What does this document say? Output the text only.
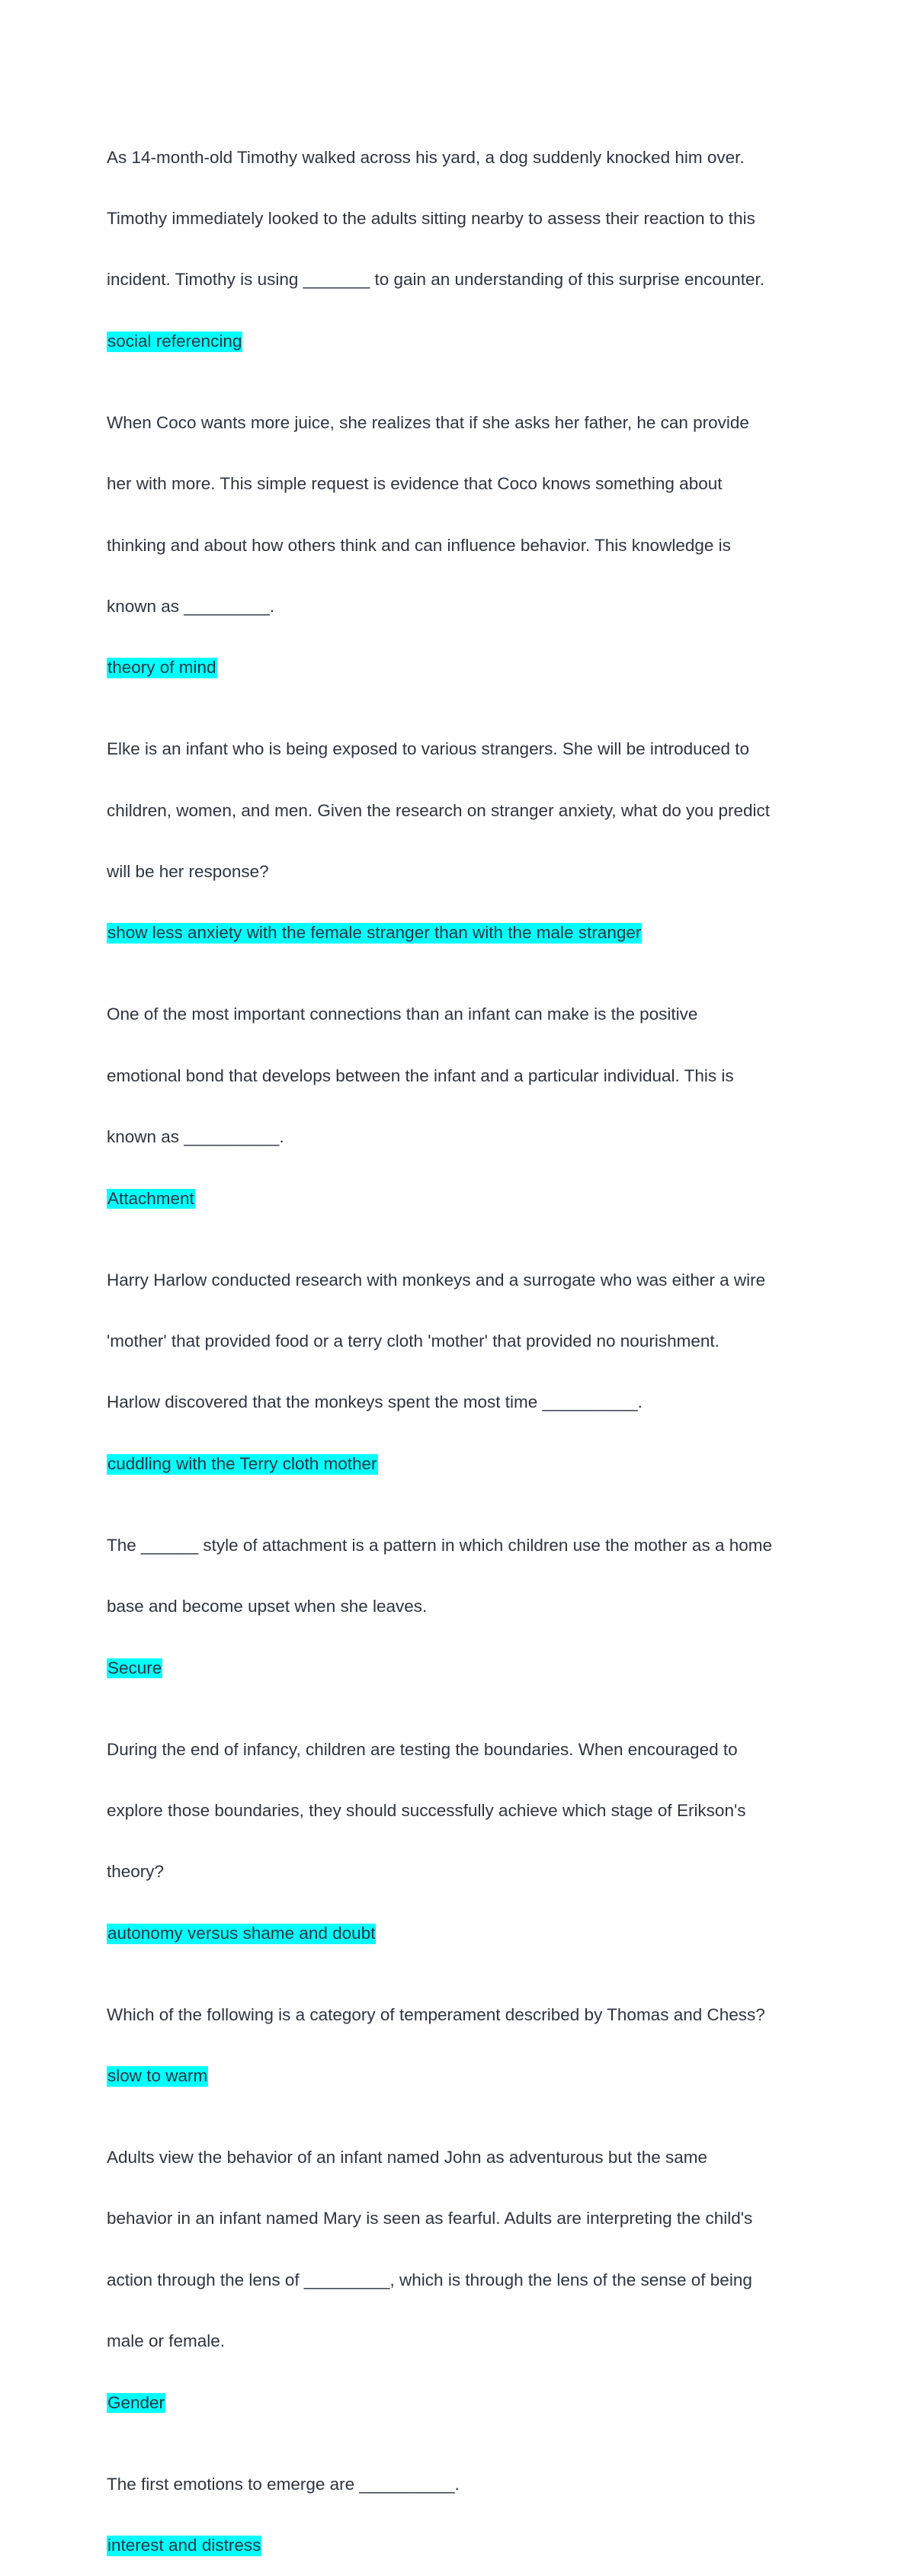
As 14-month-old Timothy walked across his yard, a dog suddenly knocked him over.

Timothy immediately looked to the adults sitting nearby to assess their reaction to this

incident. Timothy is using _______ to gain an understanding of this surprise encounter.

social referencing

When Coco wants more juice, she realizes that if she asks her father, he can provide

her with more. This simple request is evidence that Coco knows something about

thinking and about how others think and can influence behavior. This knowledge is

known as _________.

theory of mind

Elke is an infant who is being exposed to various strangers. She will be introduced to

children, women, and men. Given the research on stranger anxiety, what do you predict

will be her response?

show less anxiety with the female stranger than with the male stranger

One of the most important connections than an infant can make is the positive

emotional bond that develops between the infant and a particular individual. This is

known as __________.

Attachment

Harry Harlow conducted research with monkeys and a surrogate who was either a wire

'mother' that provided food or a terry cloth 'mother' that provided no nourishment.

Harlow discovered that the monkeys spent the most time __________.

cuddling with the Terry cloth mother

The ______ style of attachment is a pattern in which children use the mother as a home

base and become upset when she leaves.

Secure

During the end of infancy, children are testing the boundaries. When encouraged to

explore those boundaries, they should successfully achieve which stage of Erikson's

theory?

autonomy versus shame and doubt

Which of the following is a category of temperament described by Thomas and Chess?

slow to warm

Adults view the behavior of an infant named John as adventurous but the same

behavior in an infant named Mary is seen as fearful. Adults are interpreting the child's

action through the lens of _________, which is through the lens of the sense of being

male or female.

Gender

The first emotions to emerge are __________.

interest and distress
